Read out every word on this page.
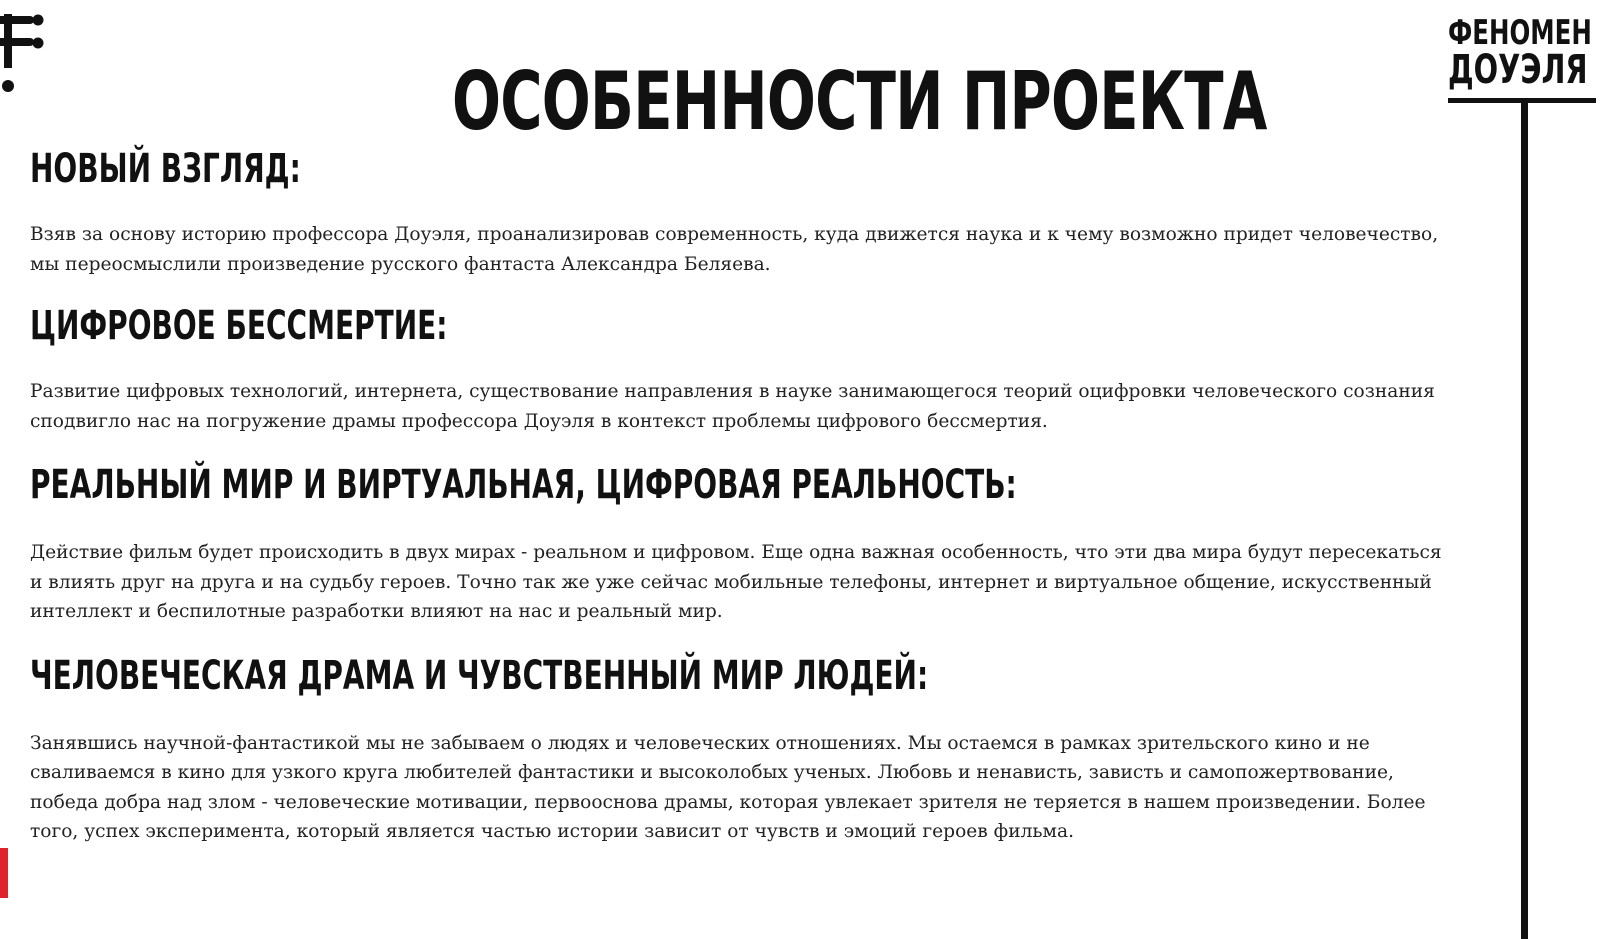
ОСОБЕННОСТИ ПРОЕКТА
ФЕНОМЕН
ДОУЭЛЯ
НОВЫЙ ВЗГЛЯД:

Взяв за основу историю профессора Доуэля, проанализировав современность, куда движется наука и к чему возможно придет человечество, мы переосмыслили произведение русского фантаста Александра Беляева.

ЦИФРОВОЕ БЕССМЕРТИЕ:

Развитие цифровых технологий, интернета, существование направления в науке занимающегося теорий оцифровки человеческого сознания сподвигло нас на погружение драмы профессора Доуэля в контекст проблемы цифрового бессмертия.

РЕАЛЬНЫЙ МИР И ВИРТУАЛЬНАЯ, ЦИФРОВАЯ РЕАЛЬНОСТЬ:

Действие фильм будет происходить в двух мирах - реальном и цифровом. Еще одна важная особенность, что эти два мира будут пересекаться и влиять друг на друга и на судьбу героев. Точно так же уже сейчас мобильные телефоны, интернет и виртуальное общение, искусственный интеллект и беспилотные разработки влияют на нас и реальный мир.

ЧЕЛОВЕЧЕСКАЯ ДРАМА И ЧУВСТВЕННЫЙ МИР ЛЮДЕЙ:

Занявшись научной-фантастикой мы не забываем о людях и человеческих отношениях. Мы остаемся в рамках зрительского кино и не сваливаемся в кино для узкого круга любителей фантастики и высоколобых ученых. Любовь и ненависть, зависть и самопожертвование, победа добра над злом - человеческие мотивации, первооснова драмы, которая увлекает зрителя не теряется в нашем произведении. Более того, успех эксперимента, который является частью истории зависит от чувств и эмоций героев фильма.
